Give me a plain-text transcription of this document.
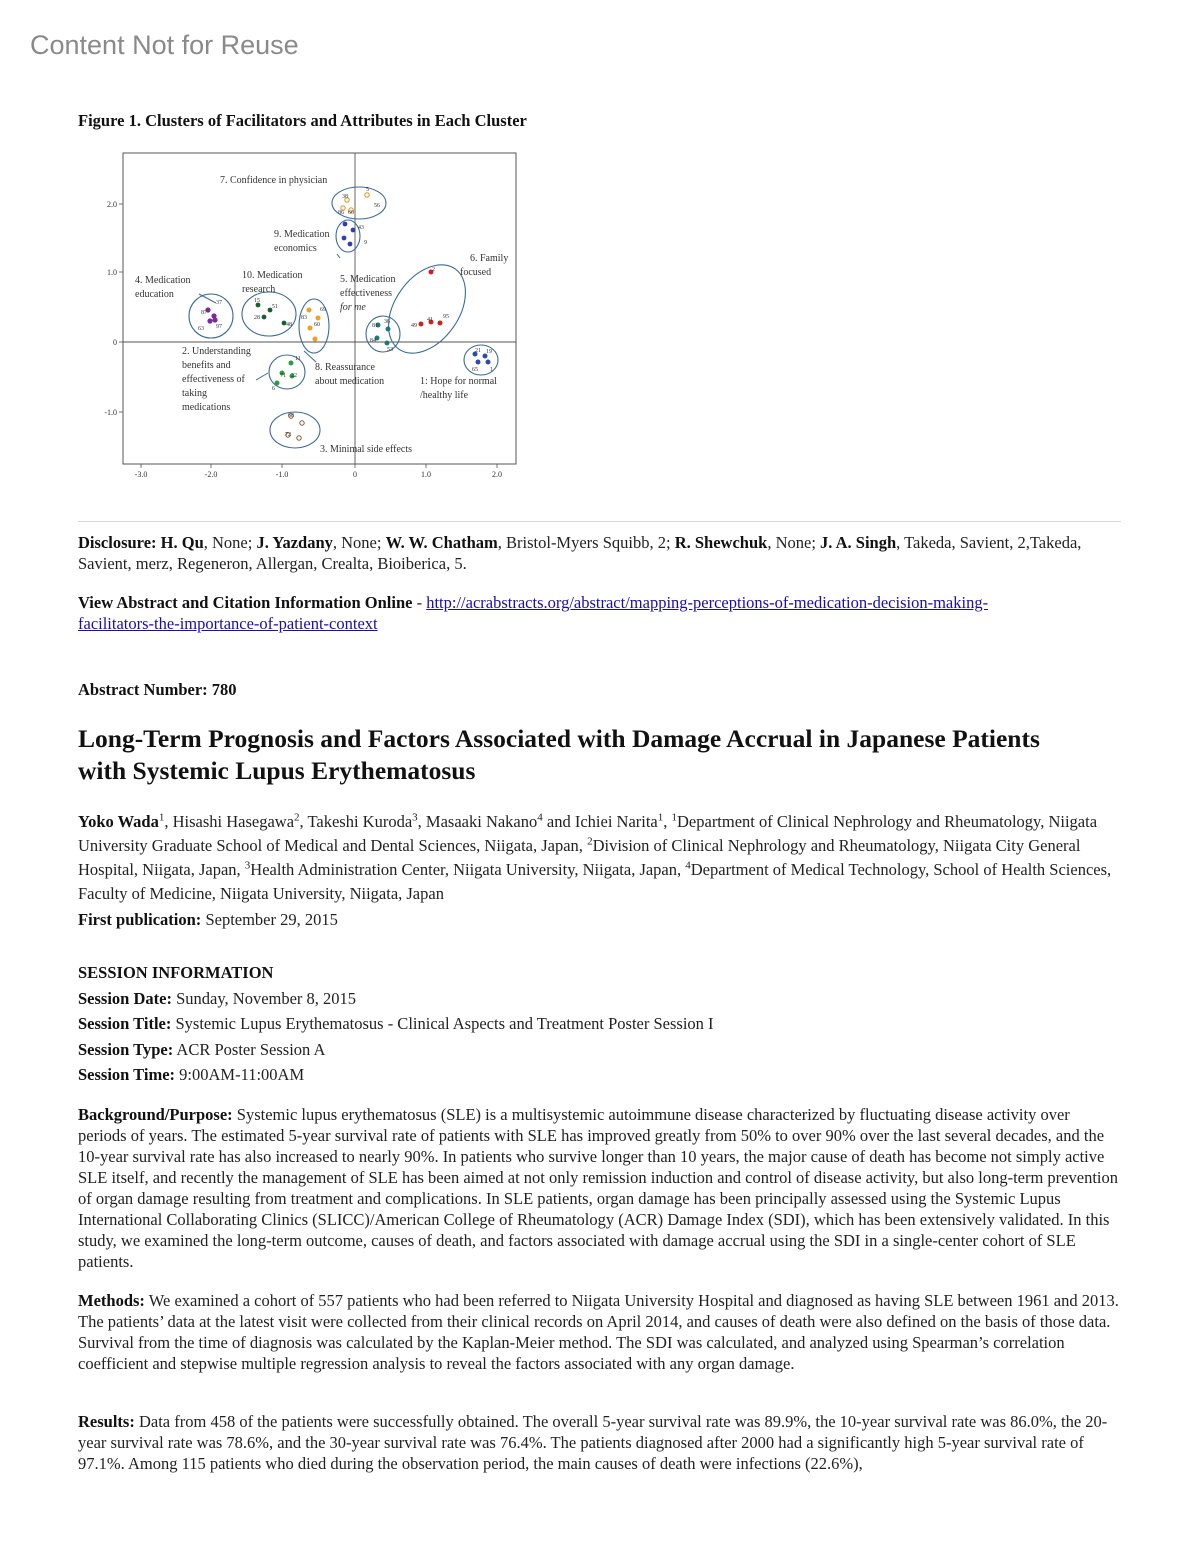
Content Not for Reuse
Figure 1. Clusters of Facilitators and Attributes in Each Cluster
-3.0	-2.0	-1.0	0	1.0	2.0
2.0
1.0
0
-1.0
38
5
56
86 60
43
9
37
87
63 97
15
51
28
48
83
69
60
2
41 95
49
81
36
84
53	21 19
65 1
11
71 22
6
68
72
1: Hope for normal
/healthy life
2. Understanding
benefits and
effectiveness of
taking
medications
3. Minimal side effects
4. Medication
education
5. Medication
effectiveness
for me
6. Family
focused
7. Confidence in physician
8. Reassurance
about medication
9. Medication
economics
10. Medication
research
Disclosure: H. Qu, None; J. Yazdany, None; W. W. Chatham, Bristol-Myers Squibb, 2; R. Shewchuk, None; J. A. Singh, Takeda, Savient, 2,Takeda, Savient, merz, Regeneron, Allergan, Crealta, Bioiberica, 5.
View Abstract and Citation Information Online - http://acrabstracts.org/abstract/mapping-perceptions-of-medication-decision-making-
facilitators-the-importance-of-patient-context
Abstract Number: 780
Long-Term Prognosis and Factors Associated with Damage Accrual in Japanese Patients
with Systemic Lupus Erythematosus
Yoko Wada$^1$, Hisashi Hasegawa$^2$, Takeshi Kuroda$^3$, Masaaki Nakano$^4$ and Ichiei Narita$^1$, $^1$Department of Clinical Nephrology and Rheumatology, Niigata University Graduate School of Medical and Dental Sciences, Niigata, Japan, $^2$Division of Clinical Nephrology and Rheumatology, Niigata City General Hospital, Niigata, Japan, $^3$Health Administration Center, Niigata University, Niigata, Japan, $^4$Department of Medical Technology, School of Health Sciences, Faculty of Medicine, Niigata University, Niigata, Japan
First publication: September 29, 2015
SESSION INFORMATION
Session Date: Sunday, November 8, 2015
Session Title: Systemic Lupus Erythematosus - Clinical Aspects and Treatment Poster Session I
Session Type: ACR Poster Session A
Session Time: 9:00AM-11:00AM
Background/Purpose: Systemic lupus erythematosus (SLE) is a multisystemic autoimmune disease characterized by fluctuating disease activity over periods of years. The estimated 5-year survival rate of patients with SLE has improved greatly from 50% to over 90% over the last several decades, and the 10-year survival rate has also increased to nearly 90%. In patients who survive longer than 10 years, the major cause of death has become not simply active SLE itself, and recently the management of SLE has been aimed at not only remission induction and control of disease activity, but also long-term prevention of organ damage resulting from treatment and complications. In SLE patients, organ damage has been principally assessed using the Systemic Lupus International Collaborating Clinics (SLICC)/American College of Rheumatology (ACR) Damage Index (SDI), which has been extensively validated. In this study, we examined the long-term outcome, causes of death, and factors associated with damage accrual using the SDI in a single-center cohort of SLE patients.
Methods: We examined a cohort of 557 patients who had been referred to Niigata University Hospital and diagnosed as having SLE between 1961 and 2013. The patients’ data at the latest visit were collected from their clinical records on April 2014, and causes of death were also defined on the basis of those data. Survival from the time of diagnosis was calculated by the Kaplan-Meier method. The SDI was calculated, and analyzed using Spearman’s correlation coefficient and stepwise multiple regression analysis to reveal the factors associated with any organ damage.
Results: Data from 458 of the patients were successfully obtained. The overall 5-year survival rate was 89.9%, the 10-year survival rate was 86.0%, the 20-year survival rate was 78.6%, and the 30-year survival rate was 76.4%. The patients diagnosed after 2000 had a significantly high 5-year survival rate of 97.1%. Among 115 patients who died during the observation period, the main causes of death were infections (22.6%),
